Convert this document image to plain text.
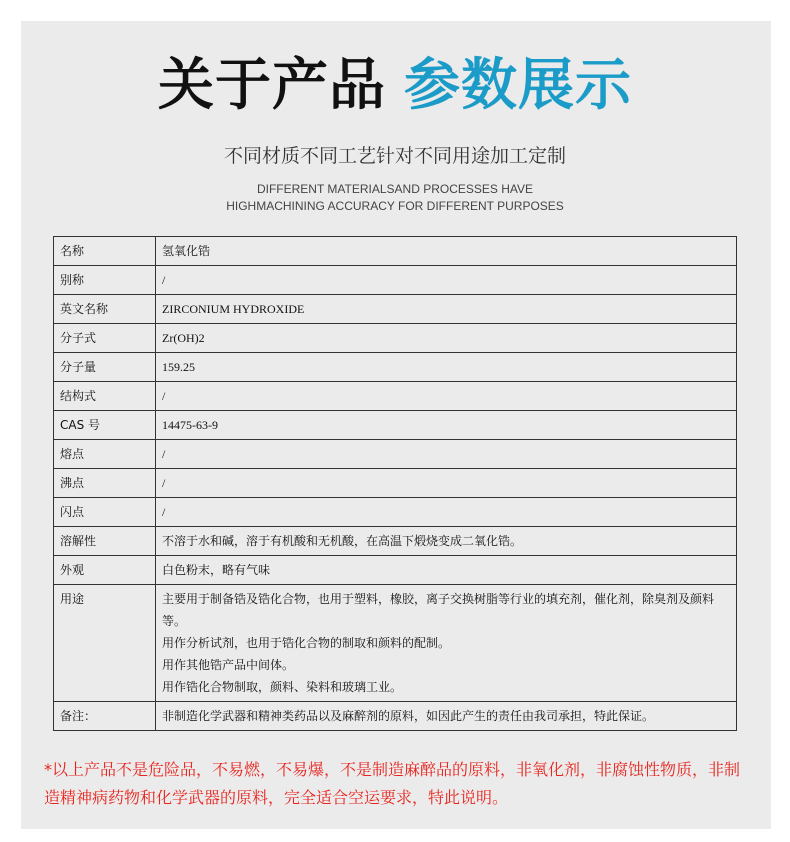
关于产品 参数展示
不同材质不同工艺针对不同用途加工定制
DIFFERENT MATERIALSAND PROCESSES HAVE
HIGHMACHINING ACCURACY FOR DIFFERENT PURPOSES
名称	氢氧化锆
别称	/
英文名称	ZIRCONIUM HYDROXIDE
分子式	Zr(OH)2
分子量	159.25
结构式	/
CAS 号	14475-63-9
熔点	/
沸点	/
闪点	/
溶解性	不溶于水和碱，溶于有机酸和无机酸，在高温下煅烧变成二氧化锆。
外观	白色粉末，略有气味
用途	主要用于制备锆及锆化合物，也用于塑料，橡胶，离子交换树脂等行业的填充剂，催化剂，除臭剂及颜料等。
用作分析试剂，也用于锆化合物的制取和颜料的配制。
用作其他锆产品中间体。
用作锆化合物制取，颜料、染料和玻璃工业。

备注：	非制造化学武器和精神类药品以及麻醉剂的原料，如因此产生的责任由我司承担，特此保证。
*以上产品不是危险品，不易燃，不易爆，不是制造麻醉品的原料，非氧化剂，非腐蚀性物质，非制造精神病药物和化学武器的原料，完全适合空运要求，特此说明。
